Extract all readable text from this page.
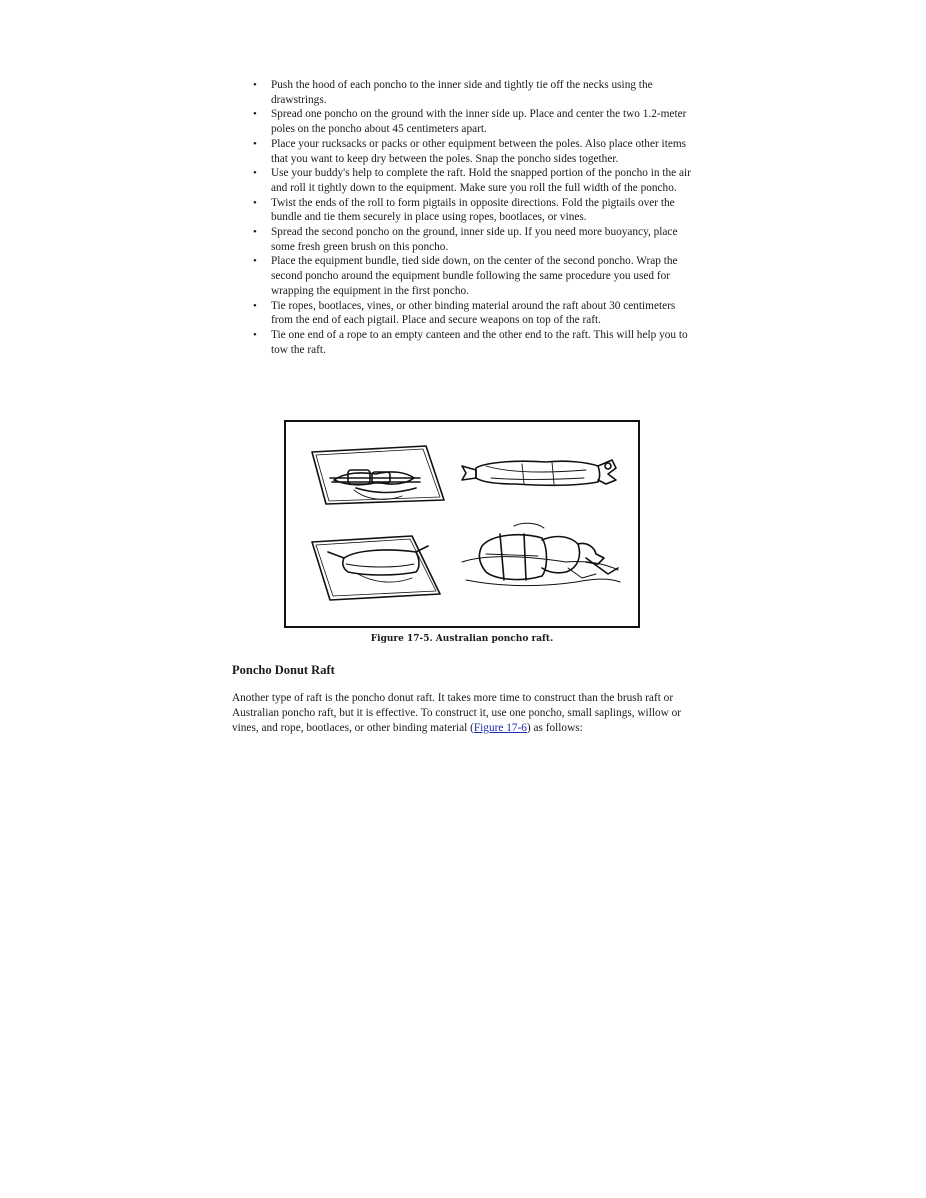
• Push the hood of each poncho to the inner side and tightly tie off the necks using the drawstrings.
• Spread one poncho on the ground with the inner side up. Place and center the two 1.2-meter poles on the poncho about 45 centimeters apart.
• Place your rucksacks or packs or other equipment between the poles. Also place other items that you want to keep dry between the poles. Snap the poncho sides together.
• Use your buddy's help to complete the raft. Hold the snapped portion of the poncho in the air and roll it tightly down to the equipment. Make sure you roll the full width of the poncho.
• Twist the ends of the roll to form pigtails in opposite directions. Fold the pigtails over the bundle and tie them securely in place using ropes, bootlaces, or vines.
• Spread the second poncho on the ground, inner side up. If you need more buoyancy, place some fresh green brush on this poncho.
• Place the equipment bundle, tied side down, on the center of the second poncho. Wrap the second poncho around the equipment bundle following the same procedure you used for wrapping the equipment in the first poncho.
• Tie ropes, bootlaces, vines, or other binding material around the raft about 30 centimeters from the end of each pigtail. Place and secure weapons on top of the raft.
• Tie one end of a rope to an empty canteen and the other end to the raft. This will help you to tow the raft.
Figure 17-5. Australian poncho raft.
Poncho Donut Raft

Another type of raft is the poncho donut raft. It takes more time to construct than the brush raft or Australian poncho raft, but it is effective. To construct it, use one poncho, small saplings, willow or vines, and rope, bootlaces, or other binding material (Figure 17-6) as follows:
